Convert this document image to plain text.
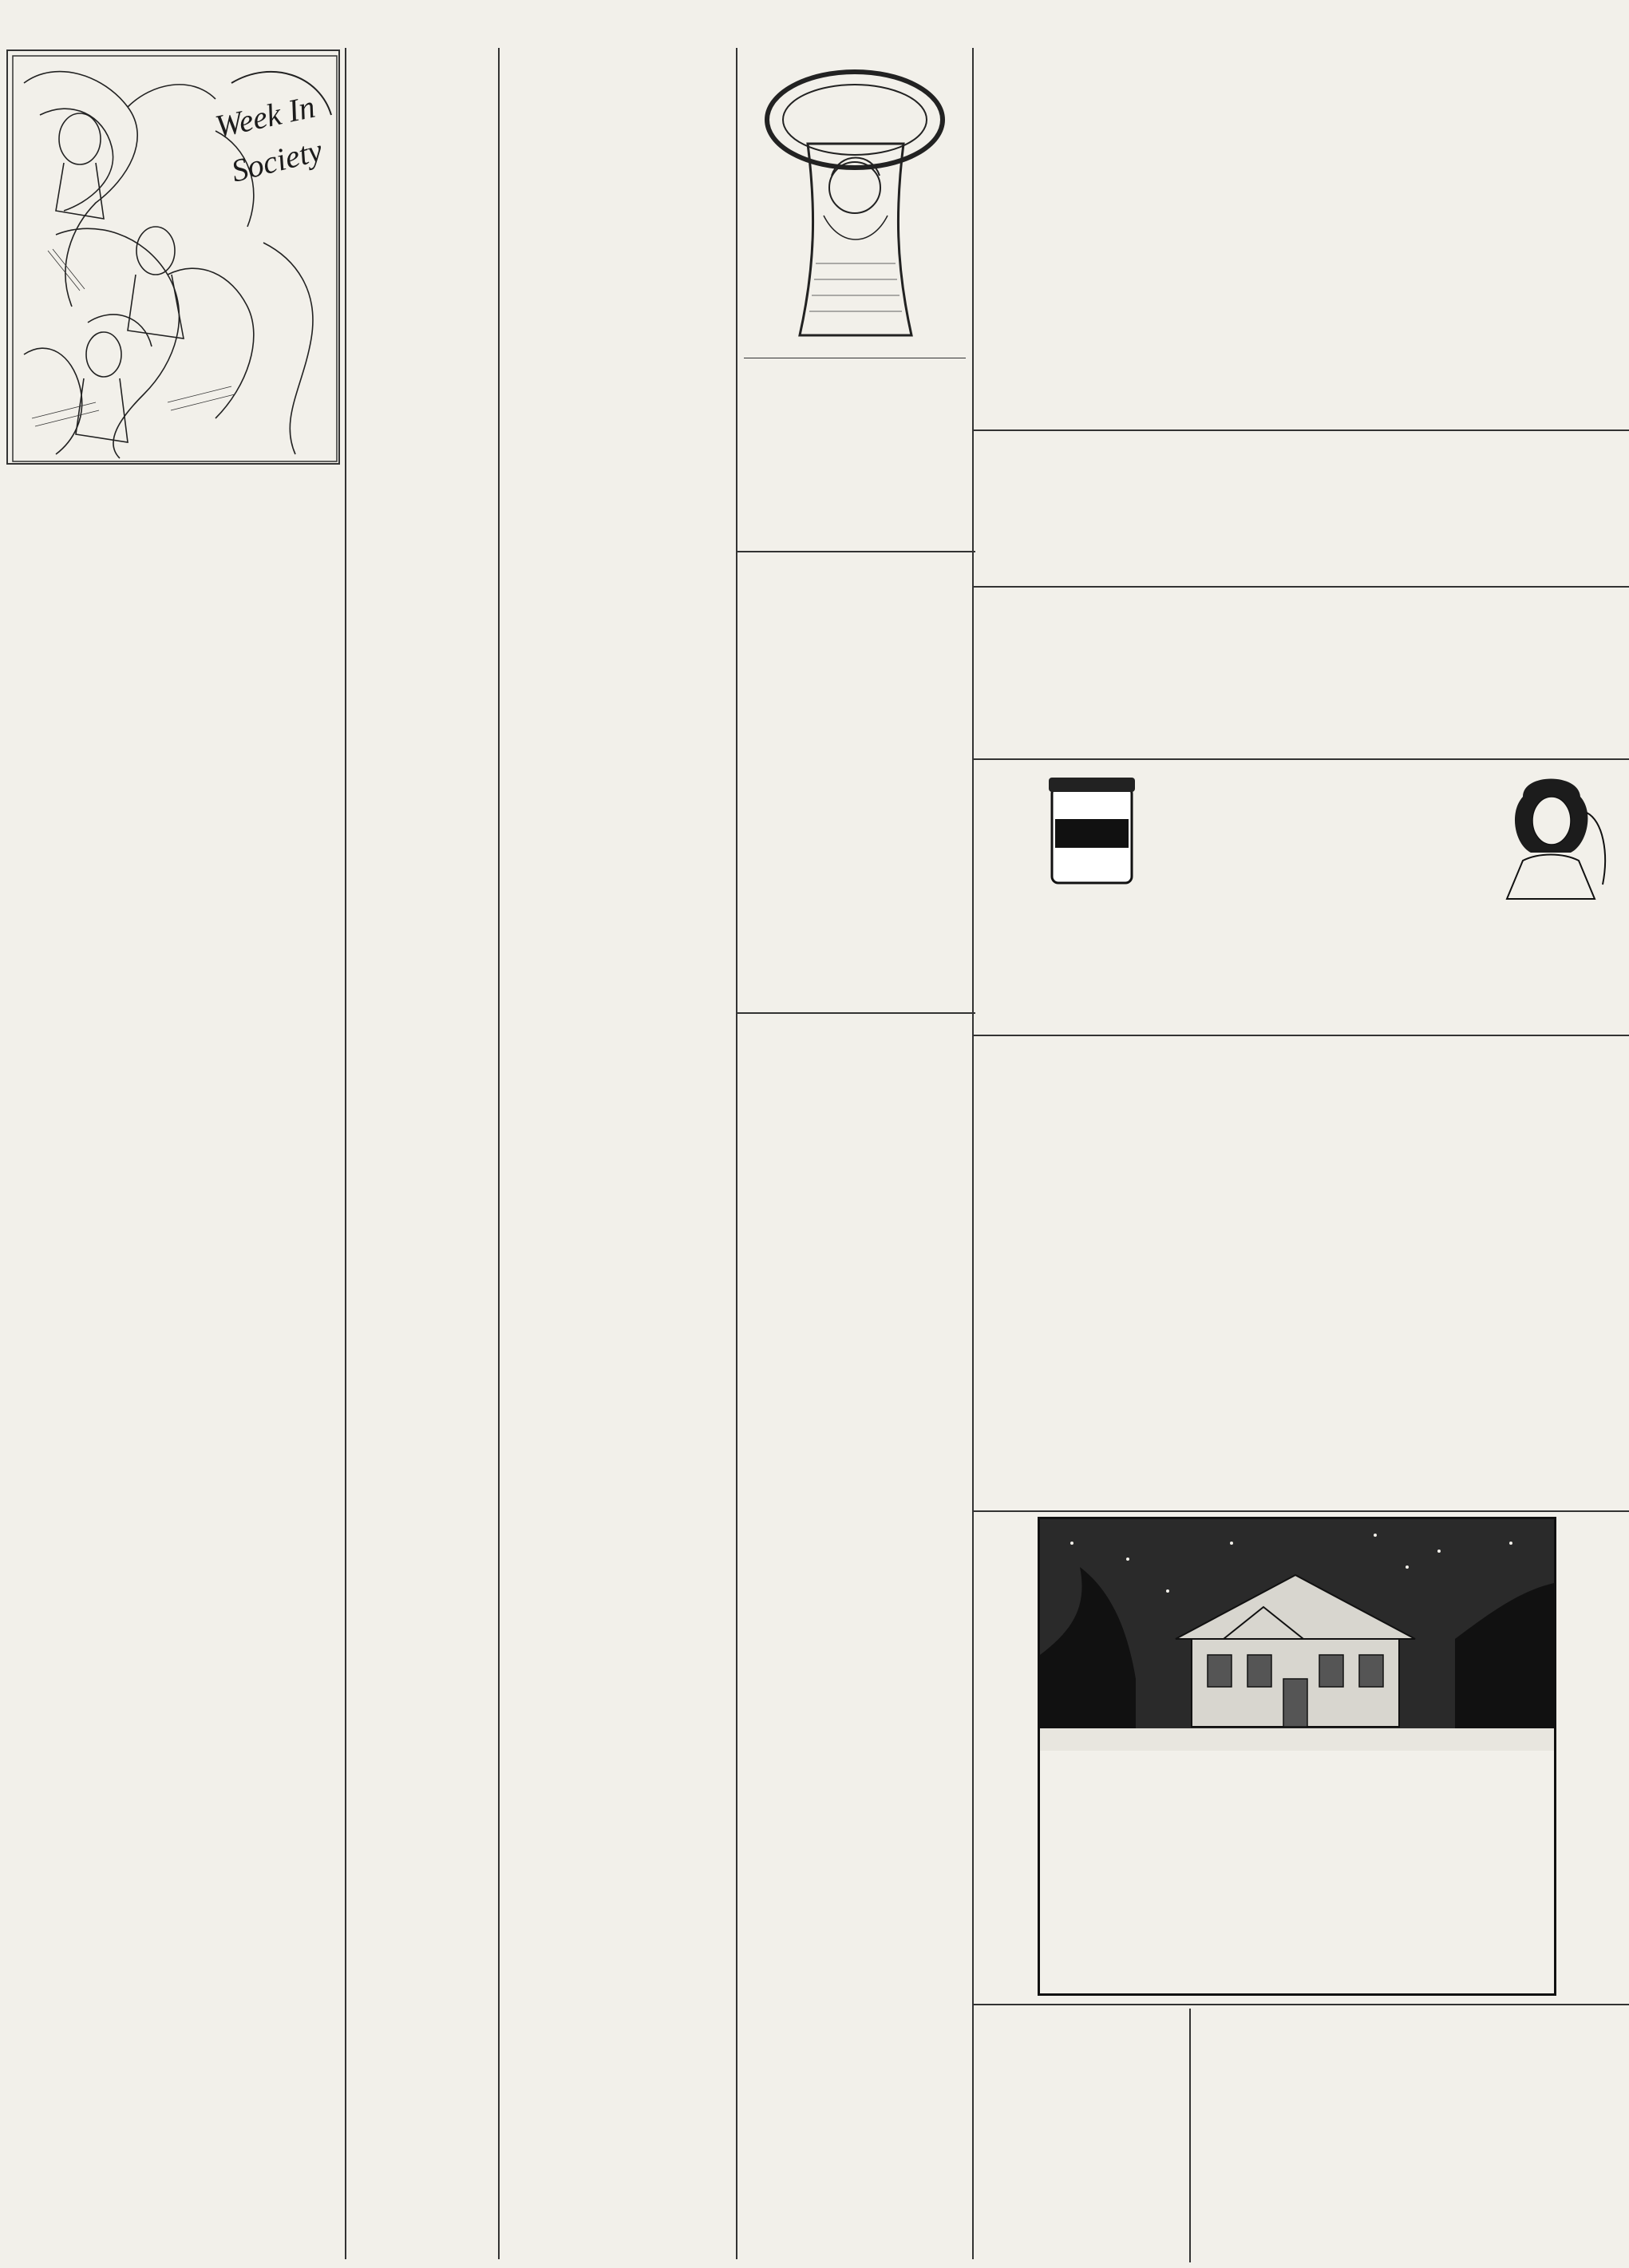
Week In
Society
